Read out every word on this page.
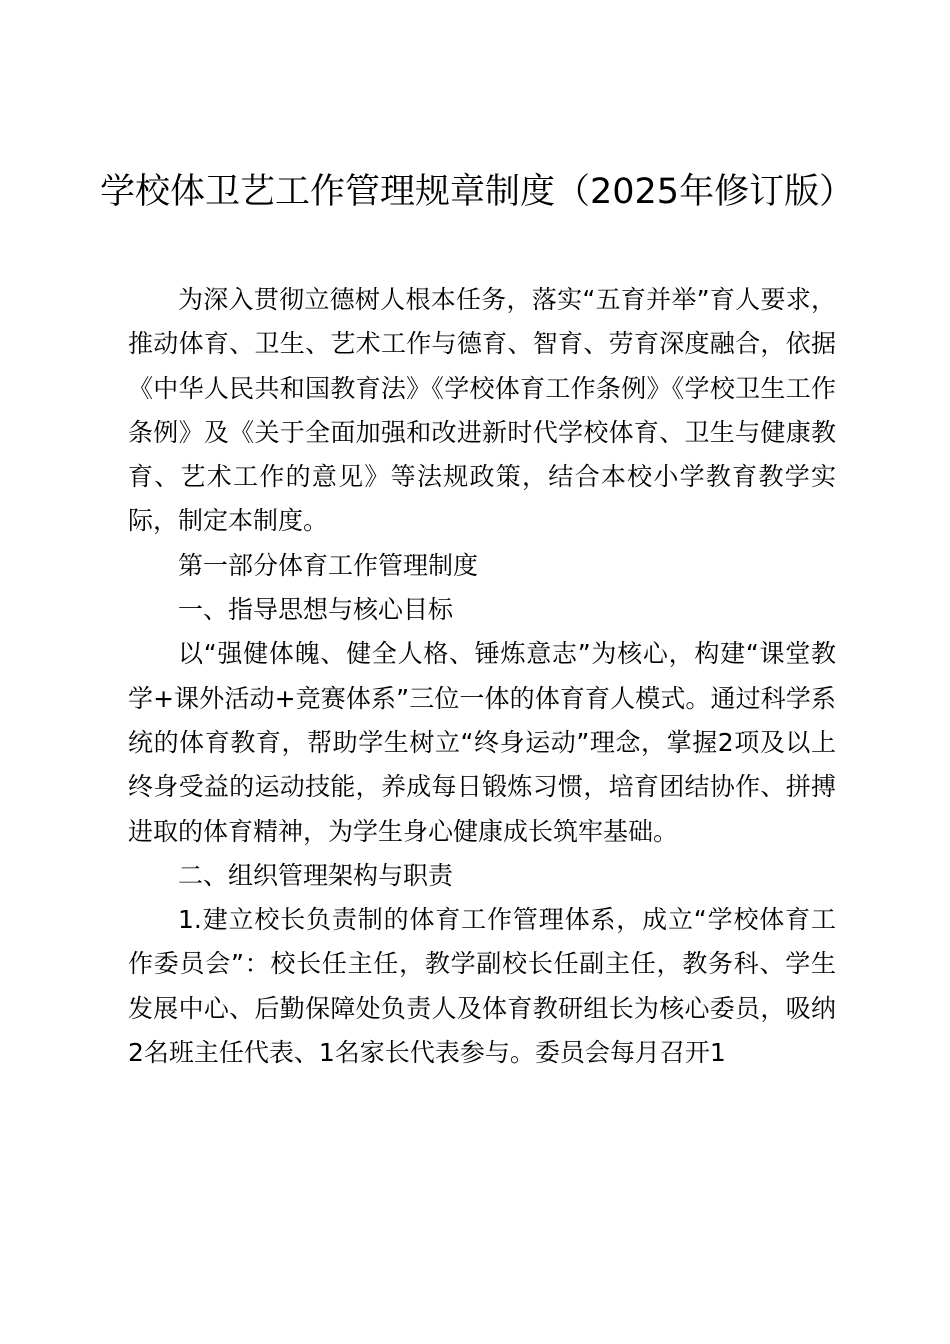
学校体卫艺工作管理规章制度（2025年修订版）

为深入贯彻立德树人根本任务，落实“五育并举”育人要求，推动体育、卫生、艺术工作与德育、智育、劳育深度融合，依据《中华人民共和国教育法》《学校体育工作条例》《学校卫生工作条例》及《关于全面加强和改进新时代学校体育、卫生与健康教育、艺术工作的意见》等法规政策，结合本校小学教育教学实际，制定本制度。

第一部分体育工作管理制度

一、指导思想与核心目标

以“强健体魄、健全人格、锤炼意志”为核心，构建“课堂教学+课外活动+竞赛体系”三位一体的体育育人模式。通过科学系统的体育教育，帮助学生树立“终身运动”理念，掌握2项及以上终身受益的运动技能，养成每日锻炼习惯，培育团结协作、拼搏进取的体育精神，为学生身心健康成长筑牢基础。

二、组织管理架构与职责

1.建立校长负责制的体育工作管理体系，成立“学校体育工作委员会”：校长任主任，教学副校长任副主任，教务科、学生发展中心、后勤保障处负责人及体育教研组长为核心委员，吸纳2名班主任代表、1名家长代表参与。委员会每月召开1
